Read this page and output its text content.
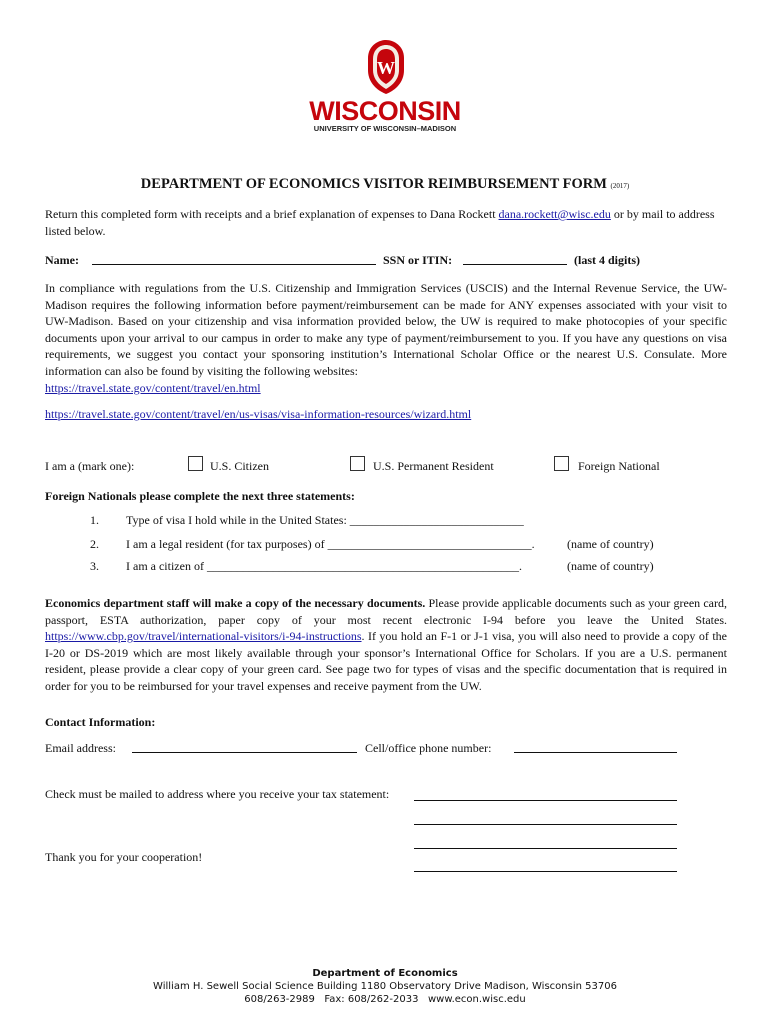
W
WISCONSIN
UNIVERSITY OF WISCONSIN–MADISON
DEPARTMENT OF ECONOMICS VISITOR REIMBURSEMENT FORM (2017)
Return this completed form with receipts and a brief explanation of expenses to Dana Rockett dana.rockett@wisc.edu or by mail to address listed below.
Name:	SSN or ITIN:	(last 4 digits)
In compliance with regulations from the U.S. Citizenship and Immigration Services (USCIS) and the Internal Revenue Service, the UW-Madison requires the following information before payment/reimbursement can be made for ANY expenses associated with your visit to UW-Madison. Based on your citizenship and visa information provided below, the UW is required to make photocopies of your specific documents upon your arrival to our campus in order to make any type of payment/reimbursement to you. If you have any questions on visa requirements, we suggest you contact your sponsoring institution’s International Scholar Office or the nearest U.S. Consulate. More information can also be found by visiting the following websites:
https://travel.state.gov/content/travel/en.html
https://travel.state.gov/content/travel/en/us-visas/visa-information-resources/wizard.html
I am a (mark one):	U.S. Citizen	U.S. Permanent Resident	Foreign National
Foreign Nationals please complete the next three statements:
1. Type of visa I hold while in the United States: _____________________________
2. I am a legal resident (for tax purposes) of __________________________________.	(name of country)
3. I am a citizen of ____________________________________________________.	(name of country)
Economics department staff will make a copy of the necessary documents. Please provide applicable documents such as your green card, passport, ESTA authorization, paper copy of your most recent electronic I-94 before you leave the United States. https://www.cbp.gov/travel/international-visitors/i-94-instructions. If you hold an F-1 or J-1 visa, you will also need to provide a copy of the I-20 or DS-2019 which are most likely available through your sponsor’s International Office for Scholars. If you are a U.S. permanent resident, please provide a clear copy of your green card. See page two for types of visas and the specific documentation that is required in order for you to be reimbursed for your travel expenses and receive payment from the UW.
Contact Information:
Email address:	Cell/office phone number:
Check must be mailed to address where you receive your tax statement:
Thank you for your cooperation!
Department of Economics
William H. Sewell Social Science Building 1180 Observatory Drive Madison, Wisconsin 53706
608/263-2989   Fax: 608/262-2033   www.econ.wisc.edu
